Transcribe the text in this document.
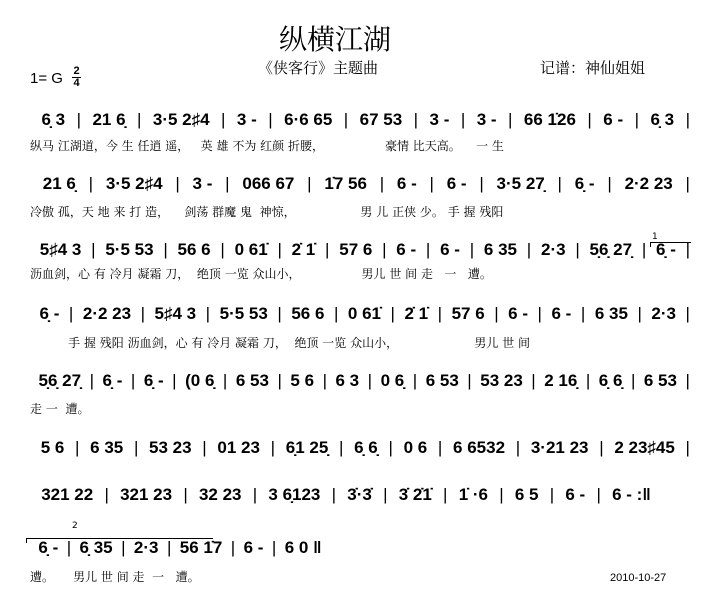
纵横江湖
《侠客行》主题曲	记谱：神仙姐姐
1= G 2
4
6̣ 3 | 21 6̣ | 3·5 2♯4 | 3 - | 6·6 65 | 67 53 | 3 - | 3 - | 66 1̇26 | 6 - | 6̣ 3 |
纵马 江湖道，今 生 任逍 遥，   英 雄 不为 红颜 折腰，                豪情 比天高。    一 生
21 6̣ | 3·5 2♯4 | 3 - | 066 67 | 1̇7 56 | 6 - | 6 - | 3·5 27̣ | 6̣ - | 2·2 23 |
冷傲 孤，天 地 来 打 造，    剑荡 群魔 鬼  神惊，                 男 儿 正侠 少。 手 握 残阳
5♯4 3 | 5·5 53 | 56 6 | 0 61̇ | 2̇ 1̇ | 57 6 | 6 - | 6 - | 6 35 | 2·3 | 5̣6̣ 27̣ | 6̣ - |
沥血剑，心 有 冷月 凝霜 刀，  绝顶 一览 众山小，                男儿 世 间 走   一   遭。
6̣ - | 2·2 23 | 5♯4 3 | 5·5 53 | 56 6 | 0 61̇ | 2̇ 1̇ | 57 6 | 6 - | 6 - | 6 35 | 2·3 |
手 握 残阳 沥血剑，心 有 冷月 凝霜 刀，  绝顶 一览 众山小，                    男儿 世 间
5̣6̣ 27̣ | 6̣ - | 6̣ - | (0 6̣ | 6 53 | 5 6 | 6 3 | 0 6̣ | 6 53 | 53 23 | 2 16̣ | 6̣ 6̣ | 6 53 |
走 一  遭。
5 6 | 6 35 | 53 23 | 01 23 | 6̣1 25̣ | 6̣ 6̣ | 0 6 | 6 6532 | 3·21 23 | 2 23♯45 |
321 22 | 321 23 | 32 23 | 3 6̣123 | 3̇·3̇ | 3̇ 2̇1̇ | 1̇ ·6 | 6 5 | 6 - | 6 - :‖
6̣ - | 6̣ 35 | 2·3 | 56 1̇7 | 6 - | 6 0 ‖
遭。     男儿 世 间 走  一   遭。
1
2
2010-10-27
